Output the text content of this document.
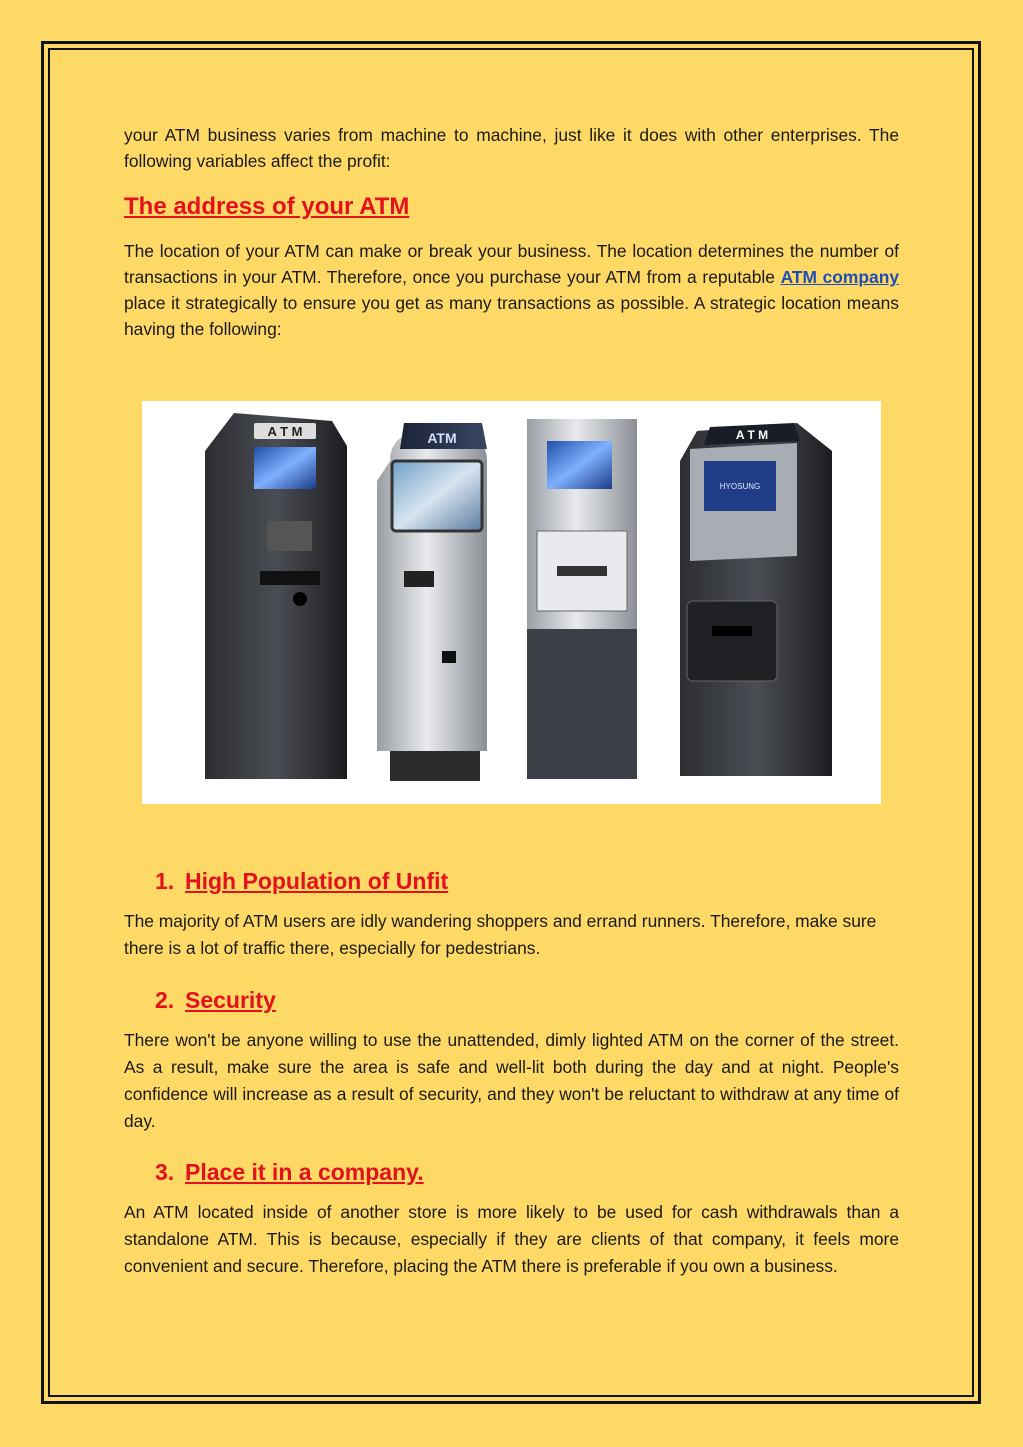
your ATM business varies from machine to machine, just like it does with other enterprises. The following variables affect the profit:

The address of your ATM

The location of your ATM can make or break your business. The location determines the number of transactions in your ATM. Therefore, once you purchase your ATM from a reputable ATM company place it strategically to ensure you get as many transactions as possible. A strategic location means having the following:

A T M	ATM	A T M
HYOSUNG
1. High Population of Unfit

The majority of ATM users are idly wandering shoppers and errand runners. Therefore, make sure there is a lot of traffic there, especially for pedestrians.

2. Security

There won't be anyone willing to use the unattended, dimly lighted ATM on the corner of the street. As a result, make sure the area is safe and well-lit both during the day and at night. People's confidence will increase as a result of security, and they won't be reluctant to withdraw at any time of day.

3. Place it in a company.

An ATM located inside of another store is more likely to be used for cash withdrawals than a standalone ATM. This is because, especially if they are clients of that company, it feels more convenient and secure. Therefore, placing the ATM there is preferable if you own a business.
